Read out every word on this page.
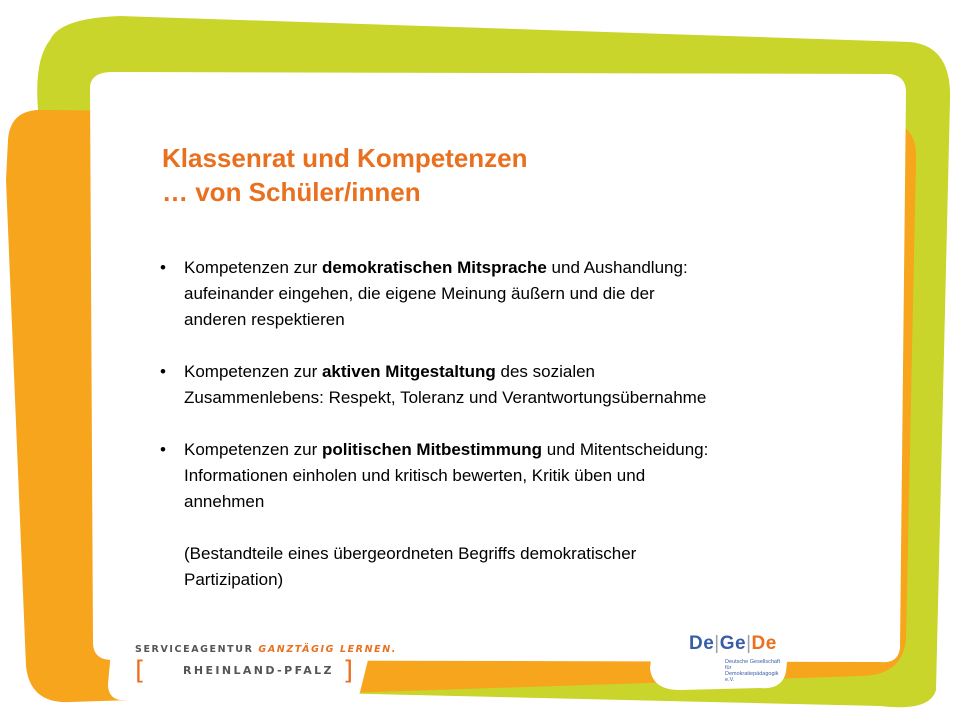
Klassenrat und Kompetenzen
… von Schüler/innen
• Kompetenzen zur demokratischen Mitsprache und Aushandlung: aufeinander eingehen, die eigene Meinung äußern und die der anderen respektieren
• Kompetenzen zur aktiven Mitgestaltung des sozialen Zusammenlebens: Respekt, Toleranz und Verantwortungsübernahme
• Kompetenzen zur politischen Mitbestimmung und Mitentscheidung: Informationen einholen und kritisch bewerten, Kritik üben und annehmen
(Bestandteile eines übergeordneten Begriffs demokratischer Partizipation)
SERVICEAGENTUR GANZTÄGIG LERNEN.
[	RHEINLAND-PFALZ ]
De|Ge|De
Deutsche Gesellschaft für Demokratiepädagogik e.V.
